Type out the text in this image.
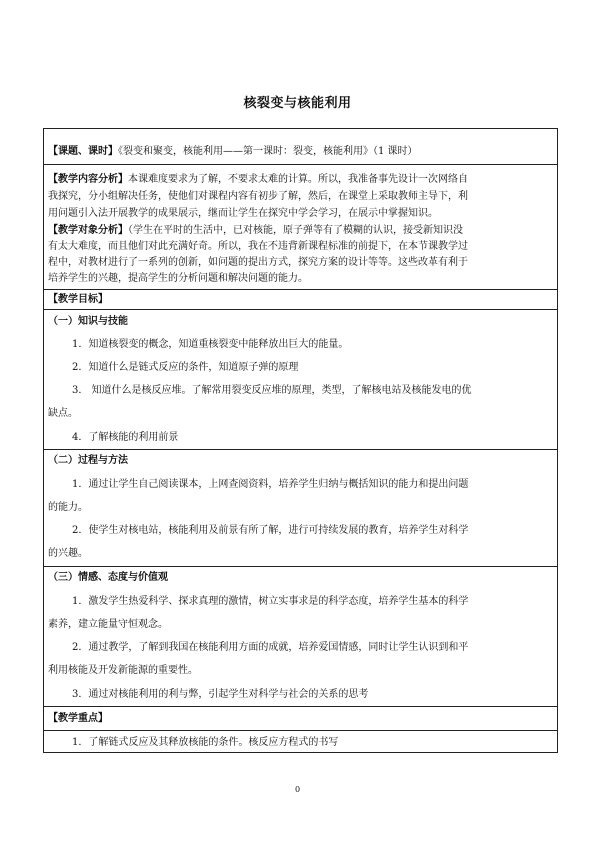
核裂变与核能利用
【课题、课时】《裂变和聚变，核能利用——第一课时：裂变，核能利用》（1 课时）
【教学内容分析】本课难度要求为了解，不要求太难的计算。所以，我准备事先设计一次网络自
我探究，分小组解决任务，使他们对课程内容有初步了解，然后，在课堂上采取教师主导下，利
用问题引入法开展教学的成果展示，继而让学生在探究中学会学习，在展示中掌握知识。
【教学对象分析】（学生在平时的生活中，已对核能，原子弹等有了模糊的认识，接受新知识没
有太大难度，而且他们对此充满好奇。所以，我在不违背新课程标准的前提下，在本节课教学过
程中，对教材进行了一系列的创新，如问题的提出方式，探究方案的设计等等。这些改革有利于
培养学生的兴趣，提高学生的分析问题和解决问题的能力。
【教学目标】
（一）知识与技能
1．知道核裂变的概念，知道重核裂变中能释放出巨大的能量。
2．知道什么是链式反应的条件，知道原子弹的原理
3． 知道什么是核反应堆。了解常用裂变反应堆的原理，类型，了解核电站及核能发电的优
缺点。
4．了解核能的利用前景
（二）过程与方法
1．通过让学生自己阅读课本，上网查阅资料，培养学生归纳与概括知识的能力和提出问题
的能力。
2．使学生对核电站，核能利用及前景有所了解，进行可持续发展的教育，培养学生对科学
的兴趣。
（三）情感、态度与价值观
1．激发学生热爱科学、探求真理的激情，树立实事求是的科学态度，培养学生基本的科学
素养，建立能量守恒观念。
2．通过教学，了解到我国在核能利用方面的成就，培养爱国情感，同时让学生认识到和平
利用核能及开发新能源的重要性。
3．通过对核能利用的利与弊，引起学生对科学与社会的关系的思考
【教学重点】
1．了解链式反应及其释放核能的条件。核反应方程式的书写
0
